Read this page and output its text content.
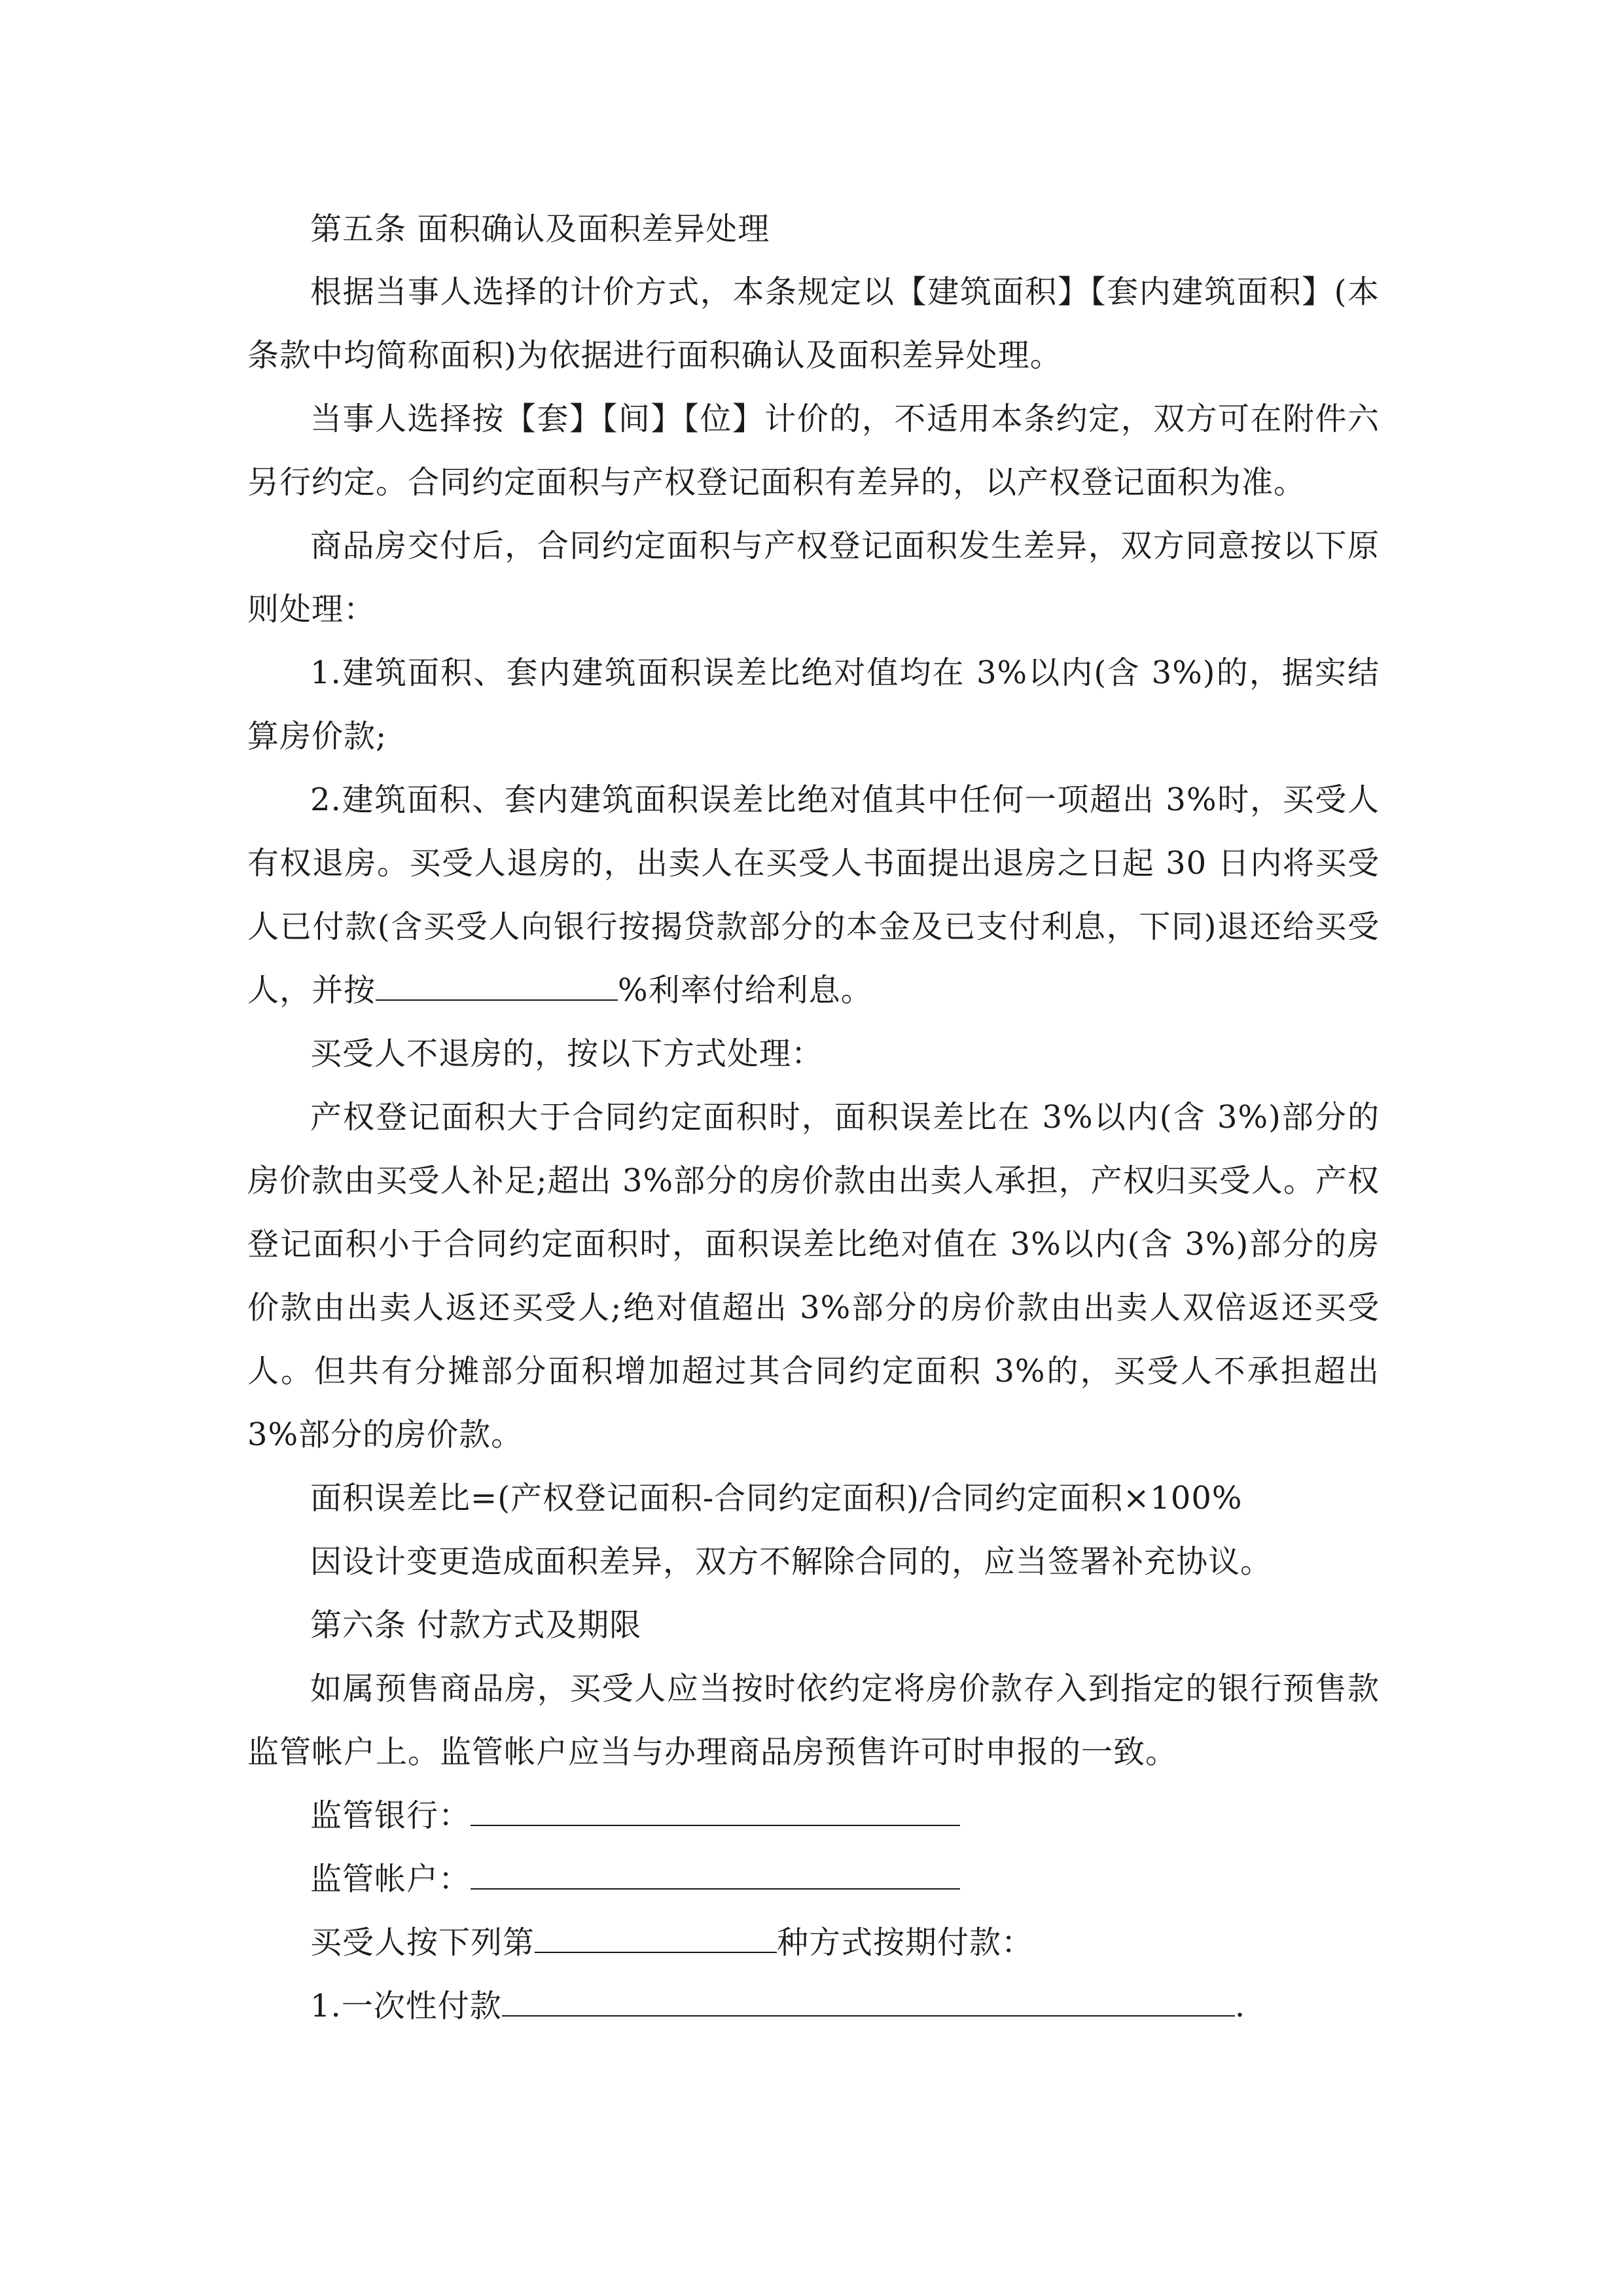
第五条 面积确认及面积差异处理

根据当事人选择的计价方式，本条规定以【建筑面积】【套内建筑面积】(本条款中均简称面积)为依据进行面积确认及面积差异处理。

当事人选择按【套】【间】【位】计价的，不适用本条约定，双方可在附件六另行约定。合同约定面积与产权登记面积有差异的，以产权登记面积为准。

商品房交付后，合同约定面积与产权登记面积发生差异，双方同意按以下原则处理：

1.建筑面积、套内建筑面积误差比绝对值均在 3%以内(含 3%)的，据实结算房价款;

2.建筑面积、套内建筑面积误差比绝对值其中任何一项超出 3%时，买受人有权退房。买受人退房的，出卖人在买受人书面提出退房之日起 30 日内将买受人已付款(含买受人向银行按揭贷款部分的本金及已支付利息，下同)退还给买受人，并按	%利率付给利息。

买受人不退房的，按以下方式处理：

产权登记面积大于合同约定面积时，面积误差比在 3%以内(含 3%)部分的房价款由买受人补足;超出 3%部分的房价款由出卖人承担，产权归买受人。产权登记面积小于合同约定面积时，面积误差比绝对值在 3%以内(含 3%)部分的房价款由出卖人返还买受人;绝对值超出 3%部分的房价款由出卖人双倍返还买受人。但共有分摊部分面积增加超过其合同约定面积 3%的，买受人不承担超出 3%部分的房价款。

面积误差比=(产权登记面积-合同约定面积)/合同约定面积×100%

因设计变更造成面积差异，双方不解除合同的，应当签署补充协议。

第六条 付款方式及期限

如属预售商品房，买受人应当按时依约定将房价款存入到指定的银行预售款监管帐户上。监管帐户应当与办理商品房预售许可时申报的一致。

监管银行：

监管帐户：

买受人按下列第	种方式按期付款：

1.一次性付款	.
